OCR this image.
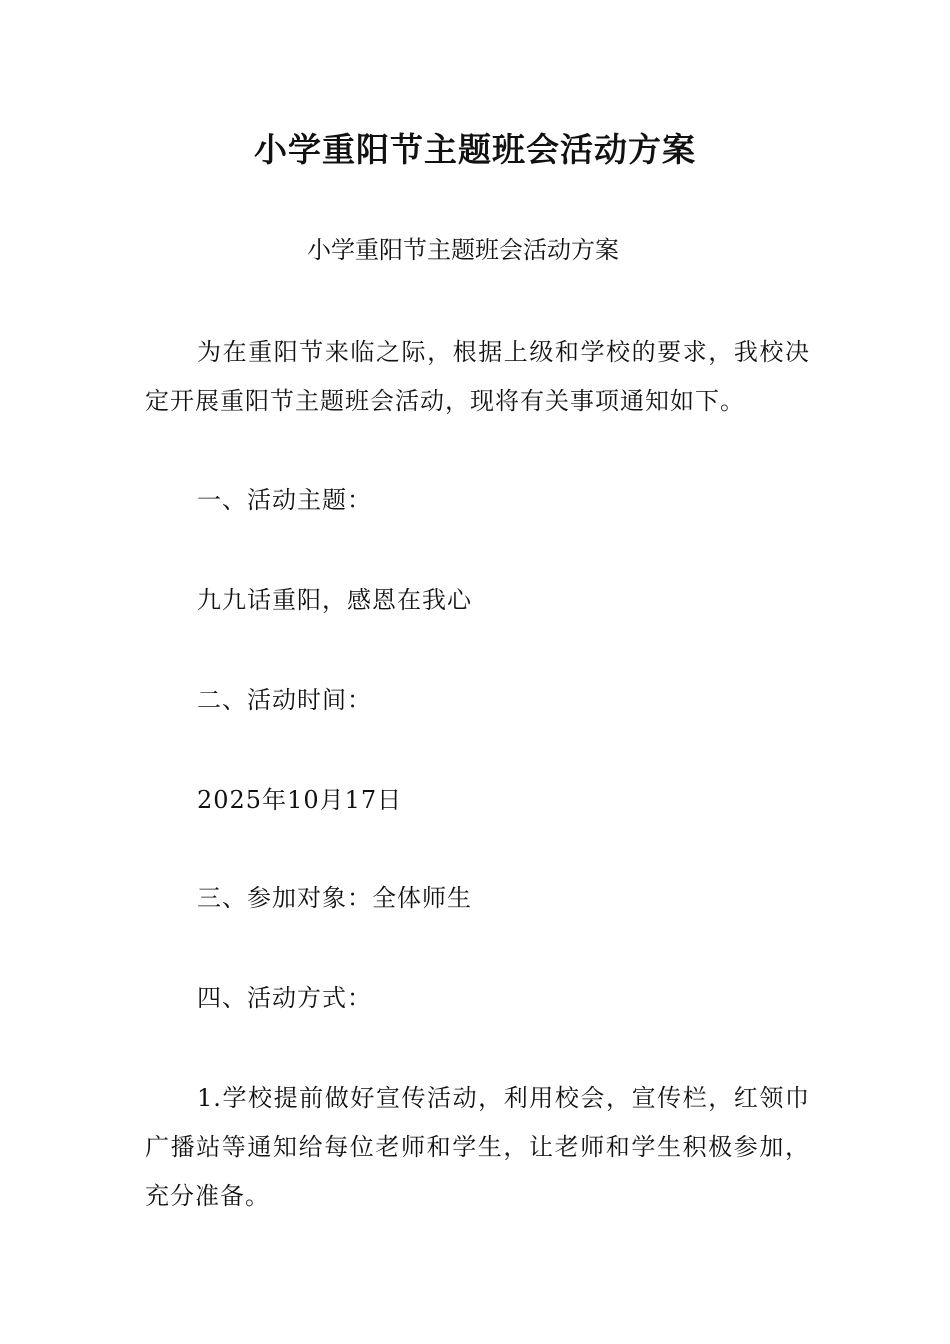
小学重阳节主题班会活动方案

小学重阳节主题班会活动方案

为在重阳节来临之际，根据上级和学校的要求，我校决定开展重阳节主题班会活动，现将有关事项通知如下。

一、活动主题：

九九话重阳，感恩在我心

二、活动时间：

2025年10月17日

三、参加对象：全体师生

四、活动方式：

1.学校提前做好宣传活动，利用校会，宣传栏，红领巾广播站等通知给每位老师和学生，让老师和学生积极参加，充分准备。
